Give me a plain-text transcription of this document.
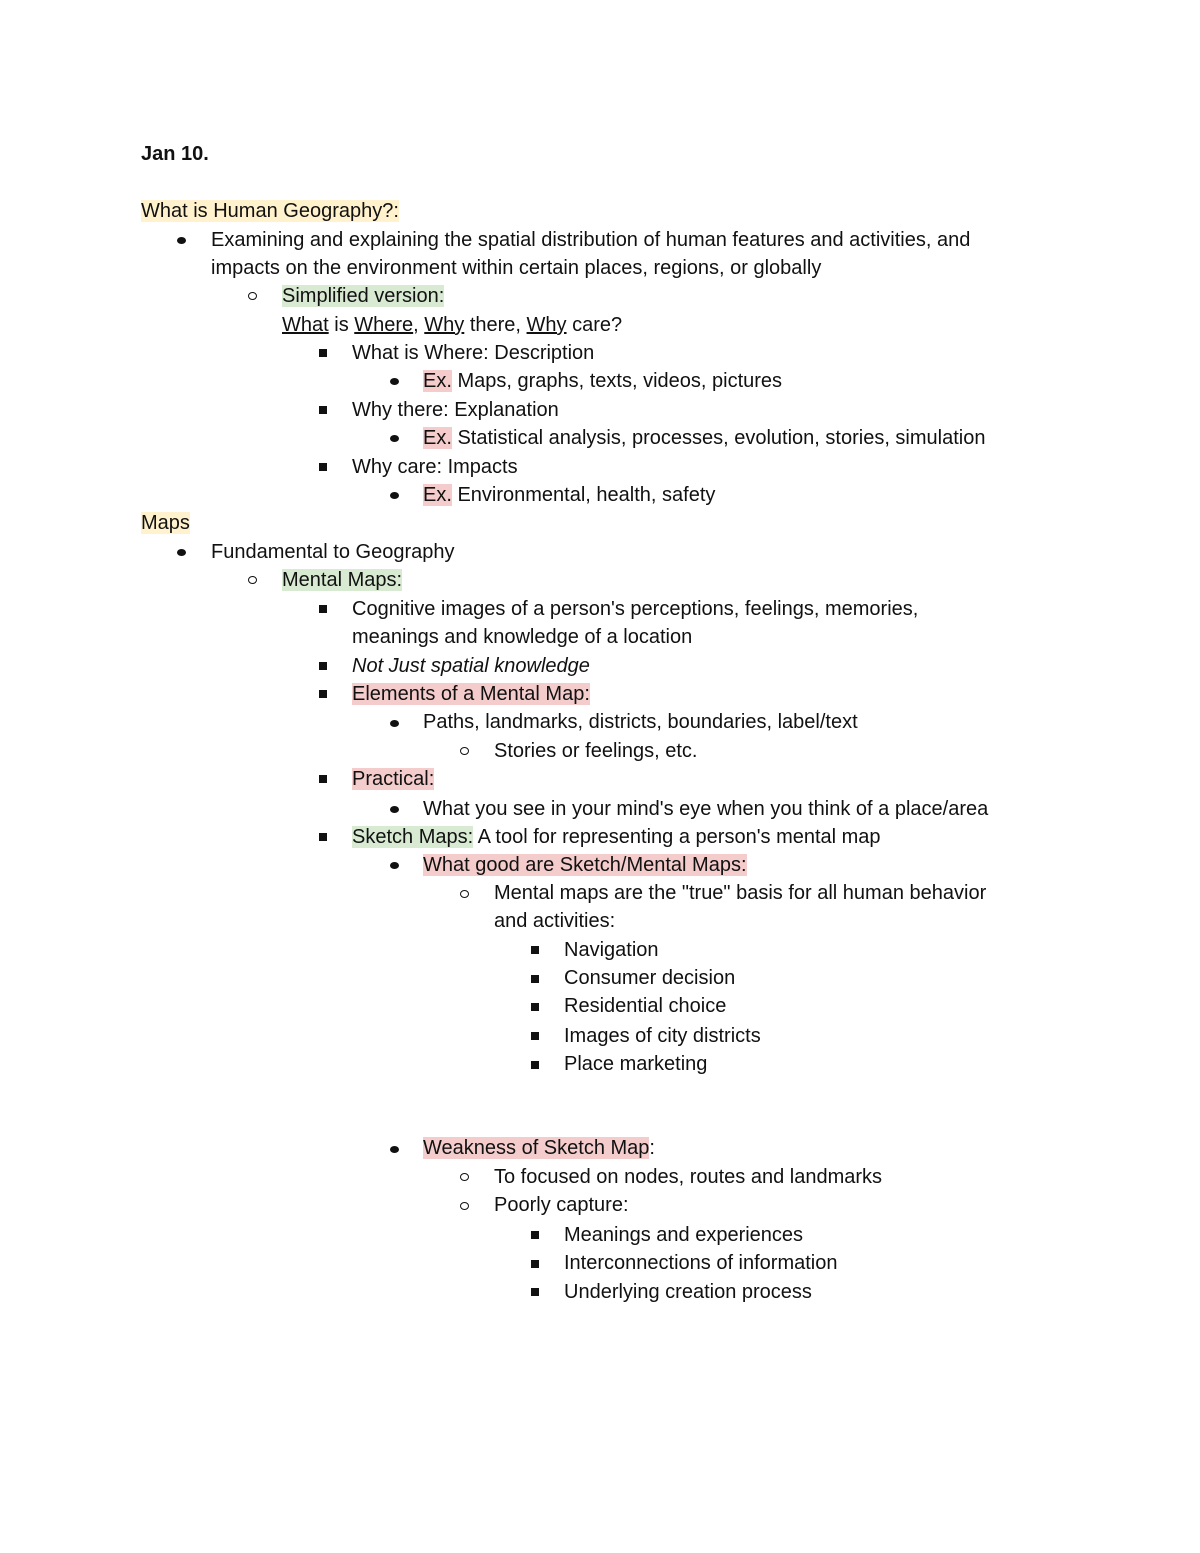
Jan 10.
What is Human Geography?:
Examining and explaining the spatial distribution of human features and activities, and
impacts on the environment within certain places, regions, or globally
Simplified version:
What is Where, Why there, Why care?
What is Where: Description
Ex. Maps, graphs, texts, videos, pictures
Why there: Explanation
Ex. Statistical analysis, processes, evolution, stories, simulation
Why care: Impacts
Ex. Environmental, health, safety
Maps
Fundamental to Geography
Mental Maps:
Cognitive images of a person's perceptions, feelings, memories,
meanings and knowledge of a location
Not Just spatial knowledge
Elements of a Mental Map:
Paths, landmarks, districts, boundaries, label/text
Stories or feelings, etc.
Practical:
What you see in your mind's eye when you think of a place/area
Sketch Maps: A tool for representing a person's mental map
What good are Sketch/Mental Maps:
Mental maps are the "true" basis for all human behavior
and activities:
Navigation
Consumer decision
Residential choice
Images of city districts
Place marketing
Weakness of Sketch Map:
To focused on nodes, routes and landmarks
Poorly capture:
Meanings and experiences
Interconnections of information
Underlying creation process
